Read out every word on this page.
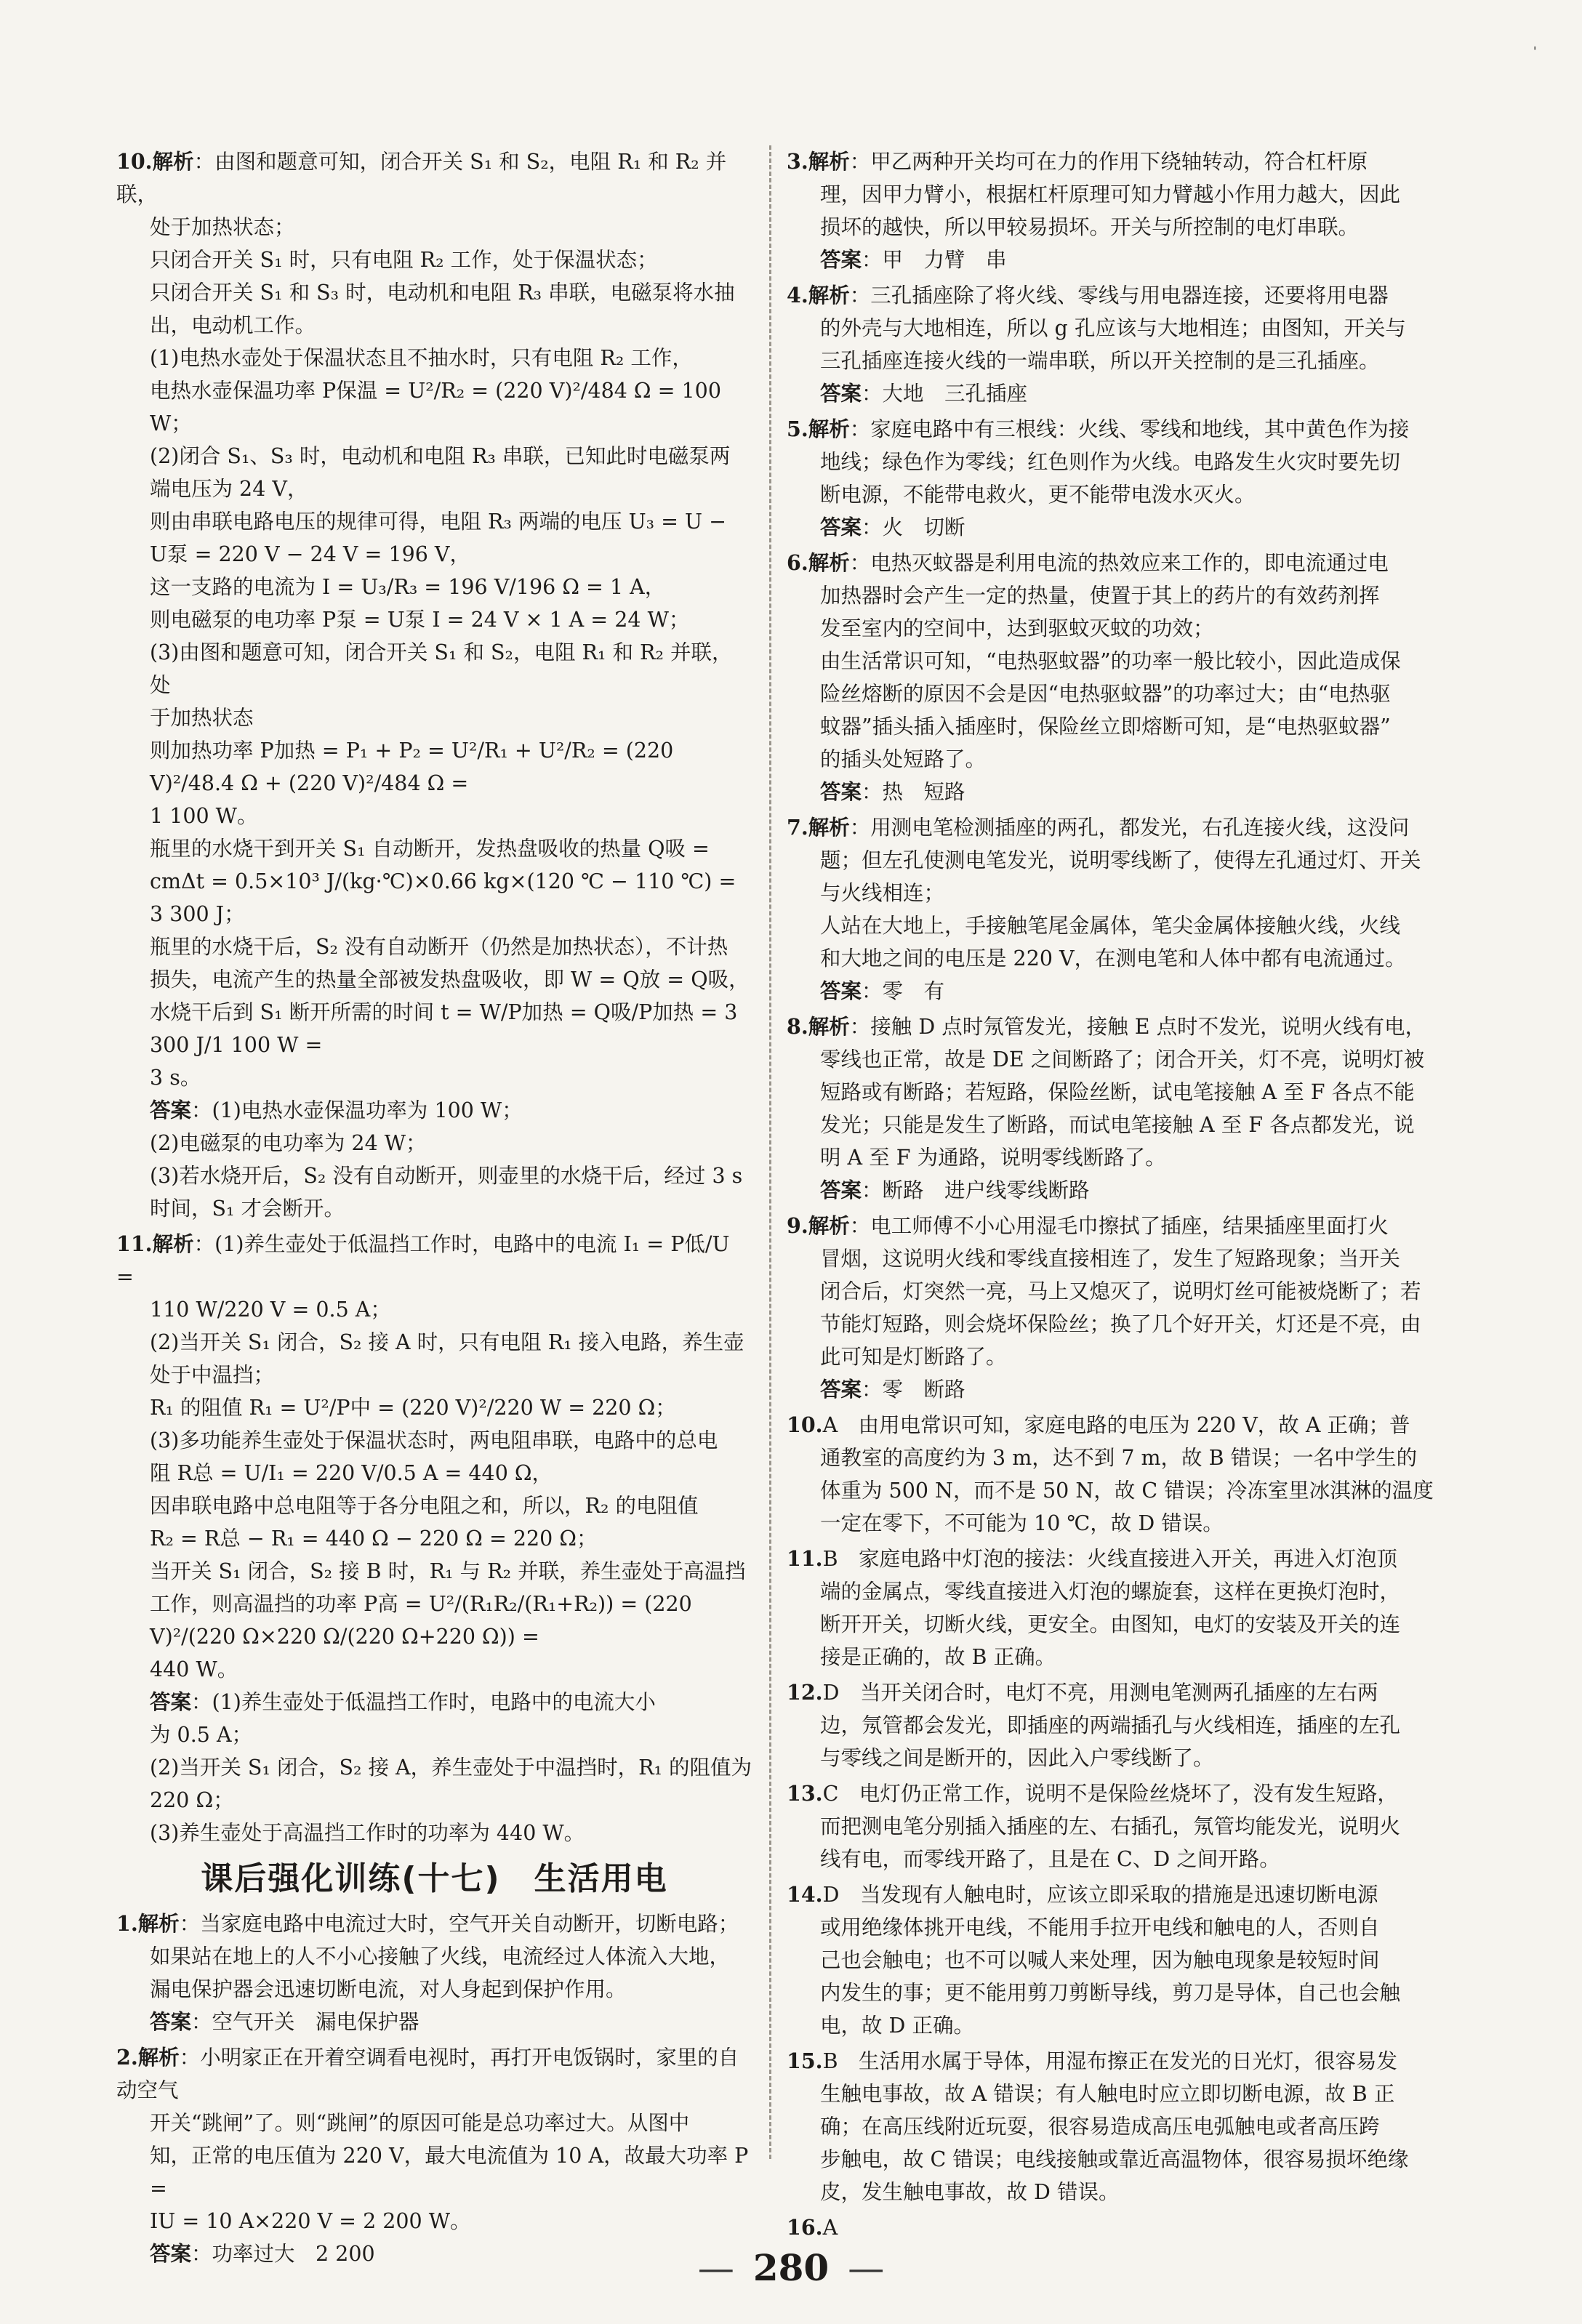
ˈ
10.解析：由图和题意可知，闭合开关 S₁ 和 S₂，电阻 R₁ 和 R₂ 并联，
处于加热状态；
只闭合开关 S₁ 时，只有电阻 R₂ 工作，处于保温状态；
只闭合开关 S₁ 和 S₃ 时，电动机和电阻 R₃ 串联，电磁泵将水抽
出，电动机工作。
(1)电热水壶处于保温状态且不抽水时，只有电阻 R₂ 工作，
电热水壶保温功率 P保温 = U²/R₂ = (220 V)²/484 Ω = 100 W；
(2)闭合 S₁、S₃ 时，电动机和电阻 R₃ 串联，已知此时电磁泵两
端电压为 24 V，
则由串联电路电压的规律可得，电阻 R₃ 两端的电压 U₃ = U −
U泵 = 220 V − 24 V = 196 V，
这一支路的电流为 I = U₃/R₃ = 196 V/196 Ω = 1 A，
则电磁泵的电功率 P泵 = U泵 I = 24 V × 1 A = 24 W；
(3)由图和题意可知，闭合开关 S₁ 和 S₂，电阻 R₁ 和 R₂ 并联，处
于加热状态
则加热功率 P加热 = P₁ + P₂ = U²/R₁ + U²/R₂ = (220 V)²/48.4 Ω + (220 V)²/484 Ω =
1 100 W。
瓶里的水烧干到开关 S₁ 自动断开，发热盘吸收的热量 Q吸 =
cmΔt = 0.5×10³ J/(kg·℃)×0.66 kg×(120 ℃ − 110 ℃) =
3 300 J；
瓶里的水烧干后，S₂ 没有自动断开（仍然是加热状态），不计热
损失，电流产生的热量全部被发热盘吸收，即 W = Q放 = Q吸，
水烧干后到 S₁ 断开所需的时间 t = W/P加热 = Q吸/P加热 = 3 300 J/1 100 W =
3 s。
答案：(1)电热水壶保温功率为 100 W；
(2)电磁泵的电功率为 24 W；
(3)若水烧开后，S₂ 没有自动断开，则壶里的水烧干后，经过 3 s
时间，S₁ 才会断开。
11.解析：(1)养生壶处于低温挡工作时，电路中的电流 I₁ = P低/U =
110 W/220 V = 0.5 A；
(2)当开关 S₁ 闭合，S₂ 接 A 时，只有电阻 R₁ 接入电路，养生壶
处于中温挡；
R₁ 的阻值 R₁ = U²/P中 = (220 V)²/220 W = 220 Ω；
(3)多功能养生壶处于保温状态时，两电阻串联，电路中的总电
阻 R总 = U/I₁ = 220 V/0.5 A = 440 Ω，
因串联电路中总电阻等于各分电阻之和，所以，R₂ 的电阻值
R₂ = R总 − R₁ = 440 Ω − 220 Ω = 220 Ω；
当开关 S₁ 闭合，S₂ 接 B 时，R₁ 与 R₂ 并联，养生壶处于高温挡
工作，则高温挡的功率 P高 = U²/(R₁R₂/(R₁+R₂)) = (220 V)²/(220 Ω×220 Ω/(220 Ω+220 Ω)) =
440 W。
答案：(1)养生壶处于低温挡工作时，电路中的电流大小
为 0.5 A；
(2)当开关 S₁ 闭合，S₂ 接 A，养生壶处于中温挡时，R₁ 的阻值为
220 Ω；
(3)养生壶处于高温挡工作时的功率为 440 W。
课后强化训练(十七)　生活用电
1.解析：当家庭电路中电流过大时，空气开关自动断开，切断电路；
如果站在地上的人不小心接触了火线，电流经过人体流入大地，
漏电保护器会迅速切断电流，对人身起到保护作用。
答案：空气开关　漏电保护器
2.解析：小明家正在开着空调看电视时，再打开电饭锅时，家里的自动空气
开关“跳闸”了。则“跳闸”的原因可能是总功率过大。从图中
知，正常的电压值为 220 V，最大电流值为 10 A，故最大功率 P =
IU = 10 A×220 V = 2 200 W。
答案：功率过大　2 200
3.解析：甲乙两种开关均可在力的作用下绕轴转动，符合杠杆原
理，因甲力臂小，根据杠杆原理可知力臂越小作用力越大，因此
损坏的越快，所以甲较易损坏。开关与所控制的电灯串联。
答案：甲　力臂　串
4.解析：三孔插座除了将火线、零线与用电器连接，还要将用电器
的外壳与大地相连，所以 g 孔应该与大地相连；由图知，开关与
三孔插座连接火线的一端串联，所以开关控制的是三孔插座。
答案：大地　三孔插座
5.解析：家庭电路中有三根线：火线、零线和地线，其中黄色作为接
地线；绿色作为零线；红色则作为火线。电路发生火灾时要先切
断电源，不能带电救火，更不能带电泼水灭火。
答案：火　切断
6.解析：电热灭蚊器是利用电流的热效应来工作的，即电流通过电
加热器时会产生一定的热量，使置于其上的药片的有效药剂挥
发至室内的空间中，达到驱蚊灭蚊的功效；
由生活常识可知，“电热驱蚊器”的功率一般比较小，因此造成保
险丝熔断的原因不会是因“电热驱蚊器”的功率过大；由“电热驱
蚊器”插头插入插座时，保险丝立即熔断可知，是“电热驱蚊器”
的插头处短路了。
答案：热　短路
7.解析：用测电笔检测插座的两孔，都发光，右孔连接火线，这没问
题；但左孔使测电笔发光，说明零线断了，使得左孔通过灯、开关
与火线相连；
人站在大地上，手接触笔尾金属体，笔尖金属体接触火线，火线
和大地之间的电压是 220 V，在测电笔和人体中都有电流通过。
答案：零　有
8.解析：接触 D 点时氖管发光，接触 E 点时不发光，说明火线有电，
零线也正常，故是 DE 之间断路了；闭合开关，灯不亮，说明灯被
短路或有断路；若短路，保险丝断，试电笔接触 A 至 F 各点不能
发光；只能是发生了断路，而试电笔接触 A 至 F 各点都发光，说
明 A 至 F 为通路，说明零线断路了。
答案：断路　进户线零线断路
9.解析：电工师傅不小心用湿毛巾擦拭了插座，结果插座里面打火
冒烟，这说明火线和零线直接相连了，发生了短路现象；当开关
闭合后，灯突然一亮，马上又熄灭了，说明灯丝可能被烧断了；若
节能灯短路，则会烧坏保险丝；换了几个好开关，灯还是不亮，由
此可知是灯断路了。
答案：零　断路
10.A　由用电常识可知，家庭电路的电压为 220 V，故 A 正确；普
通教室的高度约为 3 m，达不到 7 m，故 B 错误；一名中学生的
体重为 500 N，而不是 50 N，故 C 错误；冷冻室里冰淇淋的温度
一定在零下，不可能为 10 ℃，故 D 错误。
11.B　家庭电路中灯泡的接法：火线直接进入开关，再进入灯泡顶
端的金属点，零线直接进入灯泡的螺旋套，这样在更换灯泡时，
断开开关，切断火线，更安全。由图知，电灯的安装及开关的连
接是正确的，故 B 正确。
12.D　当开关闭合时，电灯不亮，用测电笔测两孔插座的左右两
边，氖管都会发光，即插座的两端插孔与火线相连，插座的左孔
与零线之间是断开的，因此入户零线断了。
13.C　电灯仍正常工作，说明不是保险丝烧坏了，没有发生短路，
而把测电笔分别插入插座的左、右插孔，氖管均能发光，说明火
线有电，而零线开路了，且是在 C、D 之间开路。
14.D　当发现有人触电时，应该立即采取的措施是迅速切断电源
或用绝缘体挑开电线，不能用手拉开电线和触电的人，否则自
己也会触电；也不可以喊人来处理，因为触电现象是较短时间
内发生的事；更不能用剪刀剪断导线，剪刀是导体，自己也会触
电，故 D 正确。
15.B　生活用水属于导体，用湿布擦正在发光的日光灯，很容易发
生触电事故，故 A 错误；有人触电时应立即切断电源，故 B 正
确；在高压线附近玩耍，很容易造成高压电弧触电或者高压跨
步触电，故 C 错误；电线接触或靠近高温物体，很容易损坏绝缘
皮，发生触电事故，故 D 错误。
16.A
— 280 —
